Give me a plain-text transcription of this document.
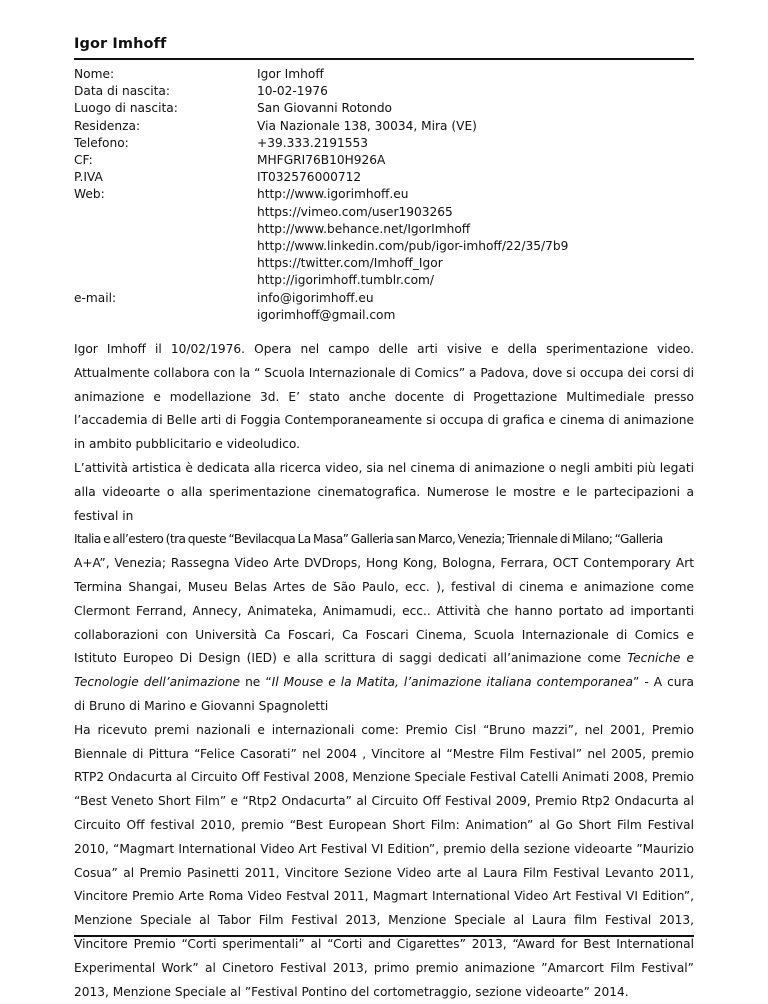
Igor Imhoff
Nome:	Igor Imhoff
Data di nascita:	10-02-1976
Luogo di nascita:	San Giovanni Rotondo
Residenza:	Via Nazionale 138, 30034, Mira (VE)
Telefono:	+39.333.2191553
CF:	MHFGRI76B10H926A
P.IVA	IT032576000712
Web:	http://www.igorimhoff.eu
https://vimeo.com/user1903265
http://www.behance.net/IgorImhoff
http://www.linkedin.com/pub/igor-imhoff/22/35/7b9
https://twitter.com/Imhoff_Igor
http://igorimhoff.tumblr.com/
e-mail:	info@igorimhoff.eu
igorimhoff@gmail.com

Igor Imhoff il 10/02/1976. Opera nel campo delle arti visive e della sperimentazione video. Attualmente collabora con la “ Scuola Internazionale di Comics” a Padova, dove si occupa dei corsi di animazione e modellazione 3d. E’ stato anche docente di Progettazione Multimediale presso l’accademia di Belle arti di Foggia Contemporaneamente si occupa di grafica e cinema di animazione in ambito pubblicitario e videoludico.

L’attività artistica è dedicata alla ricerca video, sia nel cinema di animazione o negli ambiti più legati alla videoarte o alla sperimentazione cinematografica. Numerose le mostre e le partecipazioni a festival in

Italia e all’estero (tra queste “Bevilacqua La Masa” Galleria san Marco, Venezia; Triennale di Milano; “Galleria

A+A”, Venezia; Rassegna Video Arte DVDrops, Hong Kong, Bologna, Ferrara, OCT Contemporary Art Termina Shangai, Museu Belas Artes de São Paulo, ecc. ), festival di cinema e animazione come Clermont Ferrand, Annecy, Animateka, Animamudi, ecc.. Attività che hanno portato ad importanti collaborazioni con Università Ca Foscari, Ca Foscari Cinema, Scuola Internazionale di Comics e Istituto Europeo Di Design (IED) e alla scrittura di saggi dedicati all’animazione come Tecniche e Tecnologie dell’animazione ne “Il Mouse e la Matita, l’animazione italiana contemporanea” - A cura di Bruno di Marino e Giovanni Spagnoletti

Ha ricevuto premi nazionali e internazionali come: Premio Cisl “Bruno mazzi”, nel 2001, Premio Biennale di Pittura “Felice Casorati” nel 2004 , Vincitore al “Mestre Film Festival” nel 2005, premio RTP2 Ondacurta al Circuito Off Festival 2008, Menzione Speciale Festival Catelli Animati 2008, Premio “Best Veneto Short Film” e “Rtp2 Ondacurta” al Circuito Off Festival 2009, Premio Rtp2 Ondacurta al Circuito Off festival 2010, premio “Best European Short Film: Animation” al Go Short Film Festival 2010, “Magmart International Video Art Festival VI Edition”, premio della sezione videoarte ”Maurizio Cosua” al Premio Pasinetti 2011, Vincitore Sezione Video arte al Laura Film Festival Levanto 2011, Vincitore Premio Arte Roma Video Festval 2011, Magmart International Video Art Festival VI Edition”, Menzione Speciale al Tabor Film Festival 2013, Menzione Speciale al Laura film Festival 2013, Vincitore Premio “Corti sperimentali” al “Corti and Cigarettes” 2013, “Award for Best International Experimental Work” al Cinetoro Festival 2013, primo premio animazione ”Amarcort Film Festival” 2013, Menzione Speciale al ”Festival Pontino del cortometraggio, sezione videoarte” 2014.
